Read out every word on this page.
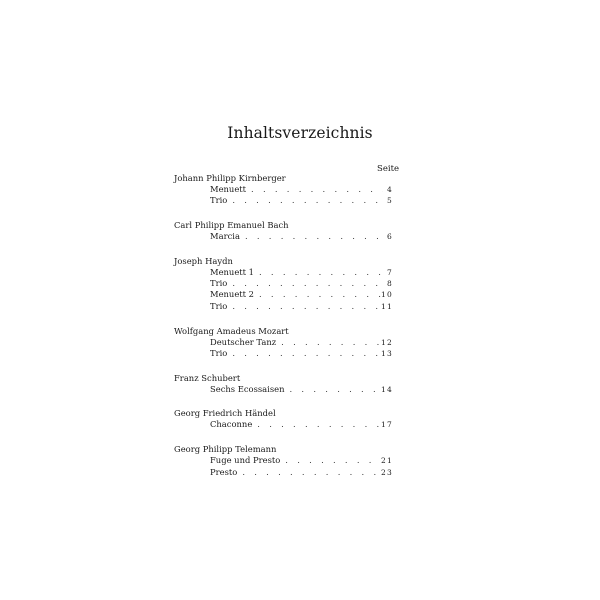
Inhaltsverzeichnis
Seite
Johann Philipp Kirnberger
Menuett . . .	4
Trio . . .	5
Carl Philipp Emanuel Bach
Marcia . . .	6
Joseph Haydn
Menuett 1 . . .	7
Trio . . .	8
Menuett 2 . . .	10
Trio . . .	11
Wolfgang Amadeus Mozart
Deutscher Tanz . . .	12
Trio . . .	13
Franz Schubert
Sechs Ecossaisen . . .	14
Georg Friedrich Händel
Chaconne . . .	17
Georg Philipp Telemann
Fuge und Presto . . .	21
Presto . . .	23
